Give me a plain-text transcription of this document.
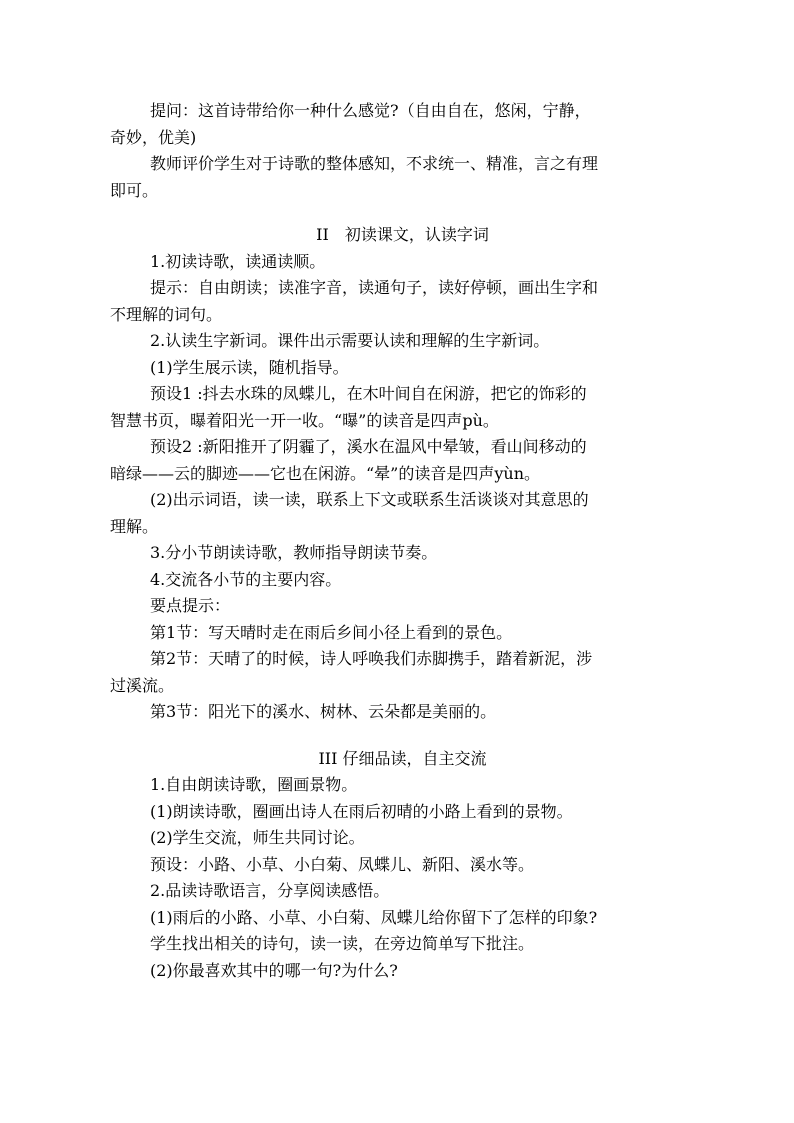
提问：这首诗带给你一种什么感觉?（自由自在，悠闲，宁静，
奇妙，优美)
教师评价学生对于诗歌的整体感知，不求统一、精准，言之有理
即可。
II　初读课文，认读字词
1.初读诗歌，读通读顺。
提示：自由朗读；读准字音，读通句子，读好停顿，画出生字和
不理解的词句。
2.认读生字新词。课件出示需要认读和理解的生字新词。
(1)学生展示读，随机指导。
预设1 :抖去水珠的凤蝶儿，在木叶间自在闲游，把它的饰彩的
智慧书页，曝着阳光一开一收。“曝”的读音是四声pù。
预设2 :新阳推开了阴霾了，溪水在温风中晕皱，看山间移动的
暗绿——云的脚迹——它也在闲游。“晕”的读音是四声yùn。
(2)出示词语，读一读，联系上下文或联系生活谈谈对其意思的
理解。
3.分小节朗读诗歌，教师指导朗读节奏。
4.交流各小节的主要内容。
要点提示：
第1节：写天晴时走在雨后乡间小径上看到的景色。
第2节：天晴了的时候，诗人呼唤我们赤脚携手，踏着新泥，涉
过溪流。
第3节：阳光下的溪水、树林、云朵都是美丽的。
III 仔细品读，自主交流
1.自由朗读诗歌，圈画景物。
(1)朗读诗歌，圈画出诗人在雨后初晴的小路上看到的景物。
(2)学生交流，师生共同讨论。
预设：小路、小草、小白菊、凤蝶儿、新阳、溪水等。
2.品读诗歌语言，分享阅读感悟。
(1)雨后的小路、小草、小白菊、凤蝶儿给你留下了怎样的印象?
学生找出相关的诗句，读一读，在旁边简单写下批注。
(2)你最喜欢其中的哪一句?为什么?
